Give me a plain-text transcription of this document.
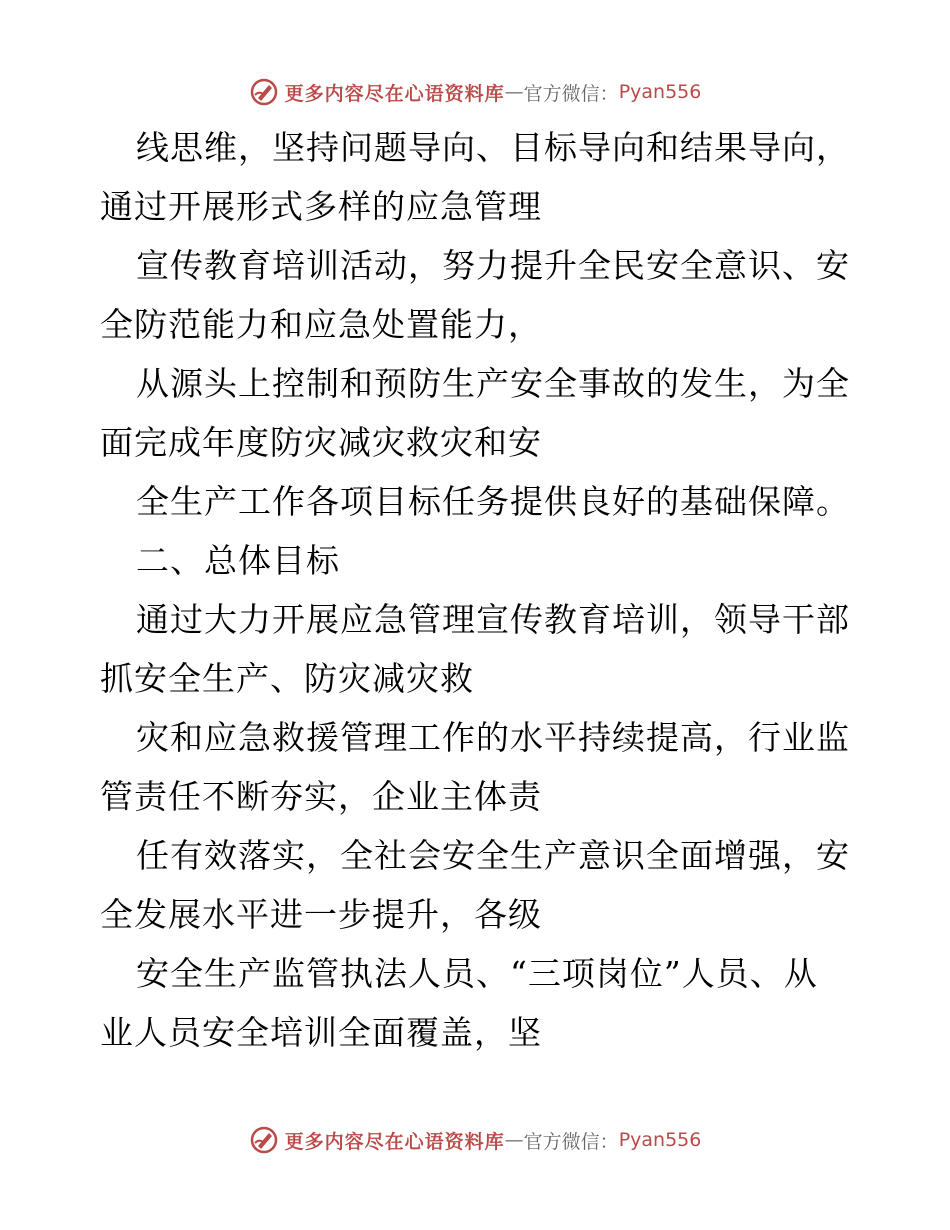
更多内容尽在心语资料库 — 官方微信： Pyan556
线思维，坚持问题导向、目标导向和结果导向，
通过开展形式多样的应急管理
宣传教育培训活动，努力提升全民安全意识、安
全防范能力和应急处置能力，
从源头上控制和预防生产安全事故的发生，为全
面完成年度防灾减灾救灾和安
全生产工作各项目标任务提供良好的基础保障。
二、总体目标
通过大力开展应急管理宣传教育培训，领导干部
抓安全生产、防灾减灾救
灾和应急救援管理工作的水平持续提高，行业监
管责任不断夯实，企业主体责
任有效落实，全社会安全生产意识全面增强，安
全发展水平进一步提升，各级
安全生产监管执法人员、“三项岗位”人员、从
业人员安全培训全面覆盖，坚
更多内容尽在心语资料库 — 官方微信： Pyan556
